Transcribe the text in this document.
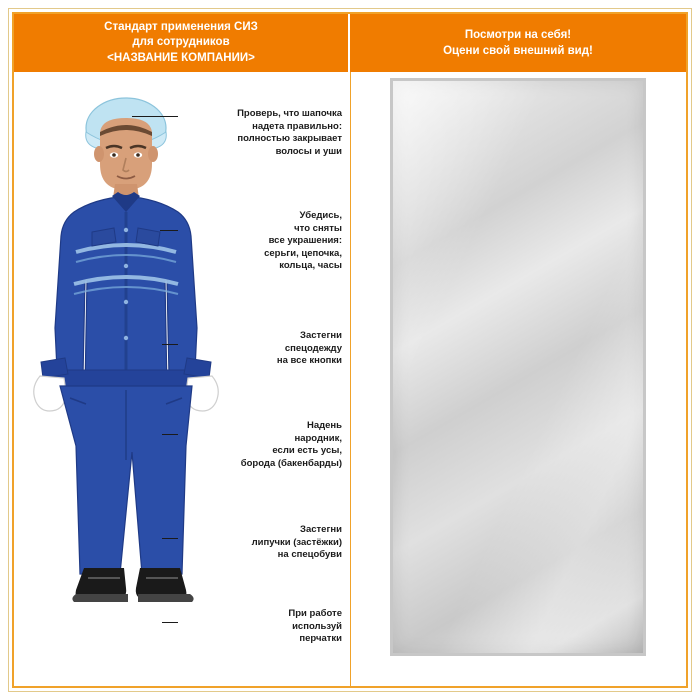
Стандарт применения СИЗ
для сотрудников
<НАЗВАНИЕ КОМПАНИИ>
Посмотри на себя!
Оцени свой внешний вид!
Проверь, что шапочка
надета правильно:
полностью закрывает
волосы и уши
Убедись,
что сняты
все украшения:
серьги, цепочка,
кольца, часы
Застегни
спецодежду
на все кнопки
Надень
народник,
если есть усы,
борода (бакенбарды)
Застегни
липучки (застёжки)
на спецобуви
При работе
используй
перчатки
